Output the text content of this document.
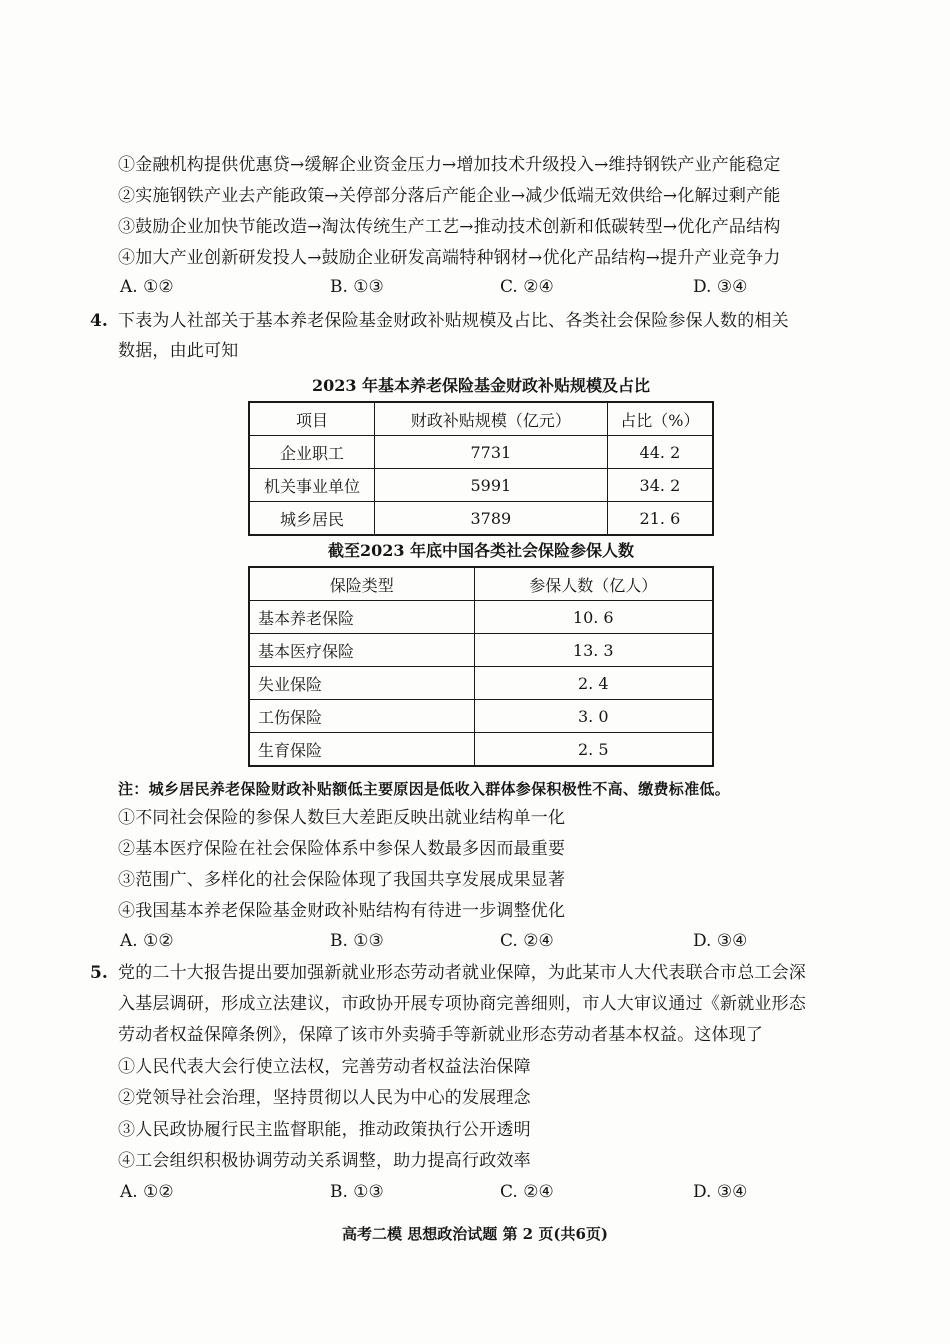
①金融机构提供优惠贷→缓解企业资金压力→增加技术升级投入→维持钢铁产业产能稳定
②实施钢铁产业去产能政策→关停部分落后产能企业→减少低端无效供给→化解过剩产能
③鼓励企业加快节能改造→淘汰传统生产工艺→推动技术创新和低碳转型→优化产品结构
④加大产业创新研发投人→鼓励企业研发高端特种钢材→优化产品结构→提升产业竞争力
A. ①②	B. ①③	C. ②④	D. ③④
4. 下表为人社部关于基本养老保险基金财政补贴规模及占比、各类社会保险参保人数的相关
数据，由此可知
2023 年基本养老保险基金财政补贴规模及占比
项目	财政补贴规模（亿元）	占比（%）
企业职工	7731	44. 2
机关事业单位	5991	34. 2
城乡居民	3789	21. 6
截至2023 年底中国各类社会保险参保人数
保险类型	参保人数（亿人）
基本养老保险	10. 6
基本医疗保险	13. 3
失业保险	2. 4
工伤保险	3. 0
生育保险	2. 5
注：城乡居民养老保险财政补贴额低主要原因是低收入群体参保积极性不高、缴费标准低。
①不同社会保险的参保人数巨大差距反映出就业结构单一化
②基本医疗保险在社会保险体系中参保人数最多因而最重要
③范围广、多样化的社会保险体现了我国共享发展成果显著
④我国基本养老保险基金财政补贴结构有待进一步调整优化
A. ①②	B. ①③	C. ②④	D. ③④
5. 党的二十大报告提出要加强新就业形态劳动者就业保障，为此某市人大代表联合市总工会深
入基层调研，形成立法建议，市政协开展专项协商完善细则，市人大审议通过《新就业形态
劳动者权益保障条例》，保障了该市外卖骑手等新就业形态劳动者基本权益。这体现了
①人民代表大会行使立法权，完善劳动者权益法治保障
②党领导社会治理，坚持贯彻以人民为中心的发展理念
③人民政协履行民主监督职能，推动政策执行公开透明
④工会组织积极协调劳动关系调整，助力提高行政效率
A. ①②	B. ①③	C. ②④	D. ③④
高考二模 思想政治试题 第 2 页(共6页)
